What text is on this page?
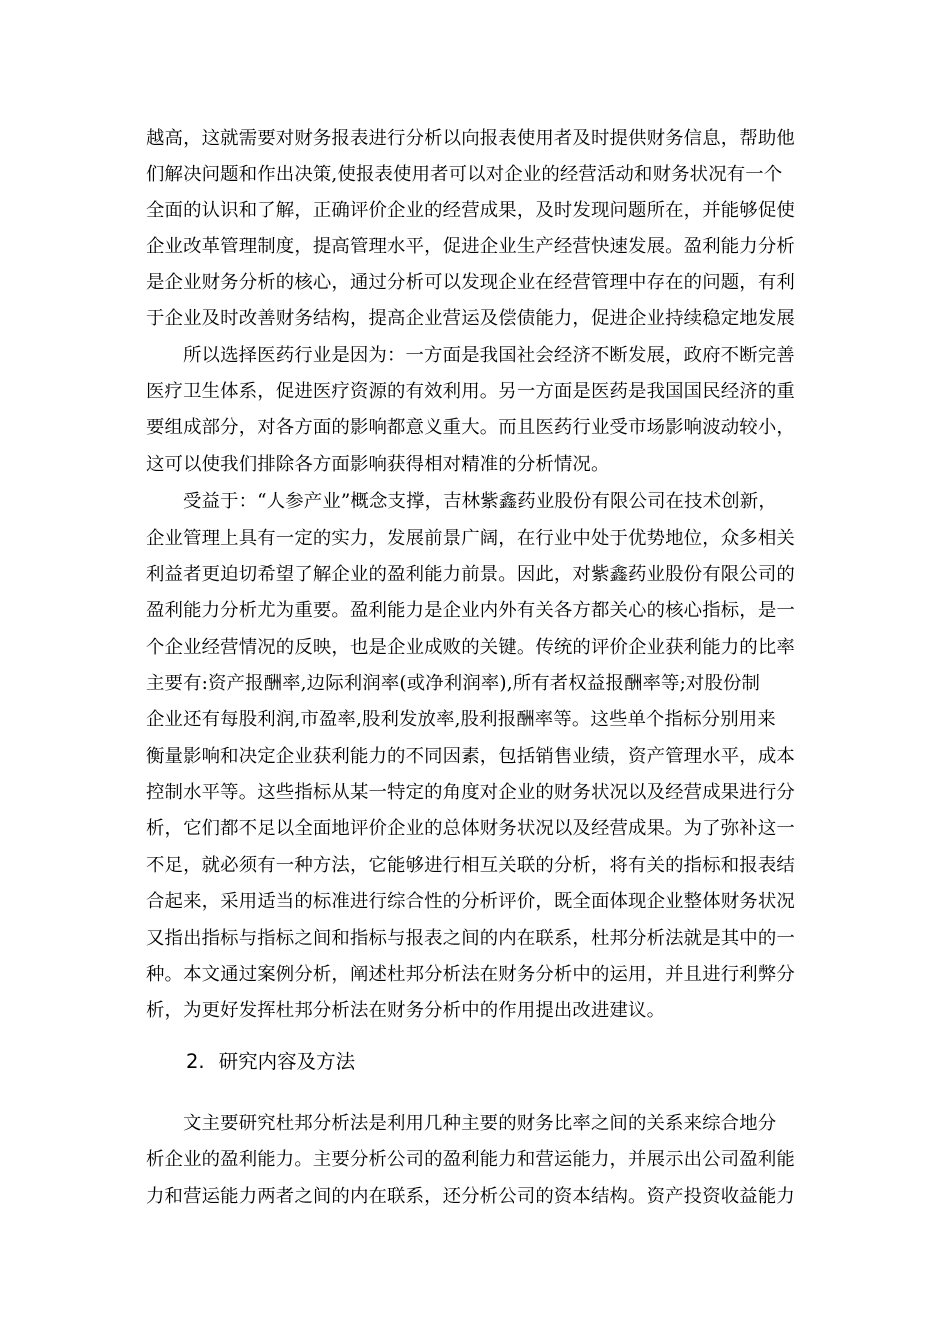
越高，这就需要对财务报表进行分析以向报表使用者及时提供财务信息，帮助他
们解决问题和作出决策,使报表使用者可以对企业的经营活动和财务状况有一个
全面的认识和了解，正确评价企业的经营成果，及时发现问题所在，并能够促使
企业改革管理制度，提高管理水平，促进企业生产经营快速发展。盈利能力分析
是企业财务分析的核心，通过分析可以发现企业在经营管理中存在的问题，有利
于企业及时改善财务结构，提高企业营运及偿债能力，促进企业持续稳定地发展
所以选择医药行业是因为：一方面是我国社会经济不断发展，政府不断完善
医疗卫生体系，促进医疗资源的有效利用。另一方面是医药是我国国民经济的重
要组成部分，对各方面的影响都意义重大。而且医药行业受市场影响波动较小，
这可以使我们排除各方面影响获得相对精准的分析情况。
受益于：“人参产业”概念支撑，吉林紫鑫药业股份有限公司在技术创新，
企业管理上具有一定的实力，发展前景广阔，在行业中处于优势地位，众多相关
利益者更迫切希望了解企业的盈利能力前景。因此，对紫鑫药业股份有限公司的
盈利能力分析尤为重要。盈利能力是企业内外有关各方都关心的核心指标，是一
个企业经营情况的反映，也是企业成败的关键。传统的评价企业获利能力的比率
主要有:资产报酬率,边际利润率(或净利润率),所有者权益报酬率等;对股份制
企业还有每股利润,市盈率,股利发放率,股利报酬率等。这些单个指标分别用来
衡量影响和决定企业获利能力的不同因素，包括销售业绩，资产管理水平，成本
控制水平等。这些指标从某一特定的角度对企业的财务状况以及经营成果进行分
析，它们都不足以全面地评价企业的总体财务状况以及经营成果。为了弥补这一
不足，就必须有一种方法，它能够进行相互关联的分析，将有关的指标和报表结
合起来，采用适当的标准进行综合性的分析评价，既全面体现企业整体财务状况
又指出指标与指标之间和指标与报表之间的内在联系，杜邦分析法就是其中的一
种。本文通过案例分析，阐述杜邦分析法在财务分析中的运用，并且进行利弊分
析，为更好发挥杜邦分析法在财务分析中的作用提出改进建议。
2. 研究内容及方法
文主要研究杜邦分析法是利用几种主要的财务比率之间的关系来综合地分
析企业的盈利能力。主要分析公司的盈利能力和营运能力，并展示出公司盈利能
力和营运能力两者之间的内在联系，还分析公司的资本结构。资产投资收益能力
